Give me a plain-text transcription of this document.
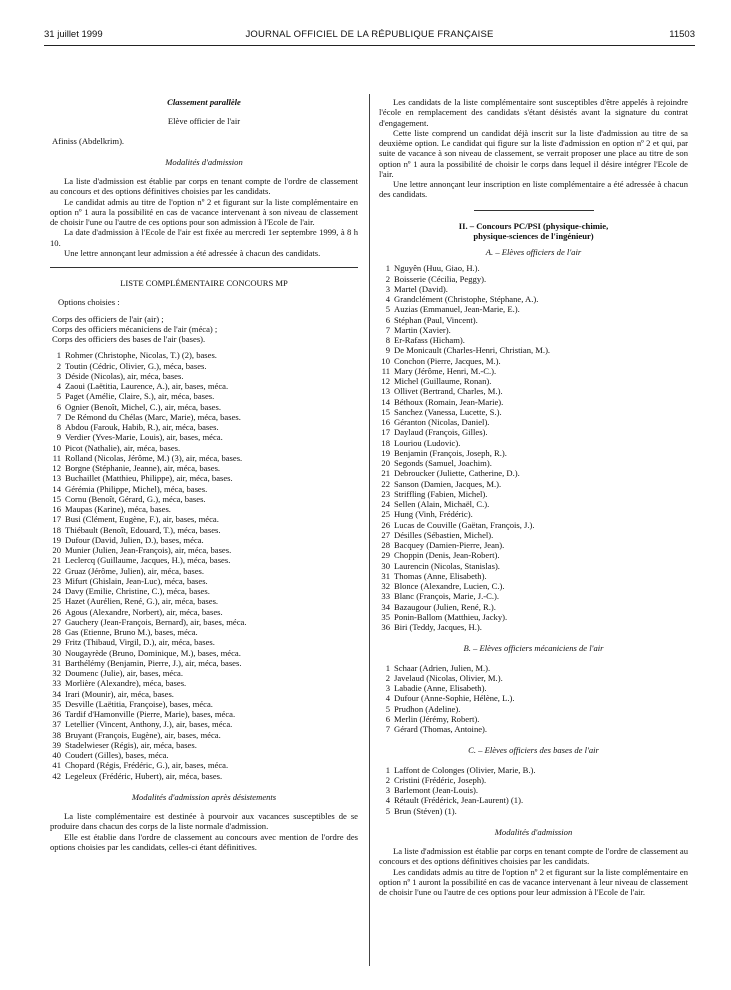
31 juillet 1999	JOURNAL OFFICIEL DE LA RÉPUBLIQUE FRANÇAISE	11503
Classement parallèle
Elève officier de l'air
Afiniss (Abdelkrim).
Modalités d'admission

La liste d'admission est établie par corps en tenant compte de l'ordre de classement au concours et des options définitives choisies par les candidats.

Le candidat admis au titre de l'option nº 2 et figurant sur la liste complémentaire en option nº 1 aura la possibilité en cas de vacance intervenant à son niveau de classement de choisir l'une ou l'autre de ces options pour son admission à l'Ecole de l'air.

La date d'admission à l'Ecole de l'air est fixée au mercredi 1er septembre 1999, à 8 h 10.

Une lettre annonçant leur admission a été adressée à chacun des candidats.

LISTE COMPLÉMENTAIRE CONCOURS MP
Options choisies :

Corps des officiers de l'air (air) ;

Corps des officiers mécaniciens de l'air (méca) ;

Corps des officiers des bases de l'air (bases).

1 Rohmer (Christophe, Nicolas, T.) (2), bases.
2 Toutin (Cédric, Olivier, G.), méca, bases.
3 Déside (Nicolas), air, méca, bases.
4 Zaoui (Laëtitia, Laurence, A.), air, bases, méca.
5 Paget (Amélie, Claire, S.), air, méca, bases.
6 Ognier (Benoît, Michel, C.), air, méca, bases.
7 De Rémond du Chélas (Marc, Marie), méca, bases.
8 Abdou (Farouk, Habib, R.), air, méca, bases.
9 Verdier (Yves-Marie, Louis), air, bases, méca.
10 Picot (Nathalie), air, méca, bases.
11 Rolland (Nicolas, Jérôme, M.) (3), air, méca, bases.
12 Borgne (Stéphanie, Jeanne), air, méca, bases.
13 Buchaillet (Matthieu, Philippe), air, méca, bases.
14 Gérémia (Philippe, Michel), méca, bases.
15 Cornu (Benoît, Gérard, G.), méca, bases.
16 Maupas (Karine), méca, bases.
17 Busi (Clément, Eugène, F.), air, bases, méca.
18 Thiébault (Benoît, Edouard, T.), méca, bases.
19 Dufour (David, Julien, D.), bases, méca.
20 Munier (Julien, Jean-François), air, méca, bases.
21 Leclercq (Guillaume, Jacques, H.), méca, bases.
22 Gruaz (Jérôme, Julien), air, méca, bases.
23 Mifurt (Ghislain, Jean-Luc), méca, bases.
24 Davy (Emilie, Christine, C.), méca, bases.
25 Hazet (Aurélien, René, G.), air, méca, bases.
26 Agous (Alexandre, Norbert), air, méca, bases.
27 Gauchery (Jean-François, Bernard), air, bases, méca.
28 Gas (Etienne, Bruno M.), bases, méca.
29 Fritz (Thibaud, Virgil, D.), air, méca, bases.
30 Nougayrède (Bruno, Dominique, M.), bases, méca.
31 Barthélémy (Benjamin, Pierre, J.), air, méca, bases.
32 Doumenc (Julie), air, bases, méca.
33 Morlière (Alexandre), méca, bases.
34 Irari (Mounir), air, méca, bases.
35 Desville (Laëtitia, Françoise), bases, méca.
36 Tardif d'Hamonville (Pierre, Marie), bases, méca.
37 Letellier (Vincent, Anthony, J.), air, bases, méca.
38 Bruyant (François, Eugène), air, bases, méca.
39 Stadelwieser (Régis), air, méca, bases.
40 Coudert (Gilles), bases, méca.
41 Chopard (Régis, Frédéric, G.), air, bases, méca.
42 Legeleux (Frédéric, Hubert), air, méca, bases.
Modalités d'admission après désistements

La liste complémentaire est destinée à pourvoir aux vacances susceptibles de se produire dans chacun des corps de la liste normale d'admission.

Elle est établie dans l'ordre de classement au concours avec mention de l'ordre des options choisies par les candidats, celles-ci étant définitives.

Les candidats de la liste complémentaire sont susceptibles d'être appelés à rejoindre l'école en remplacement des candidats s'étant désistés avant la signature du contrat d'engagement.

Cette liste comprend un candidat déjà inscrit sur la liste d'admission au titre de sa deuxième option. Le candidat qui figure sur la liste d'admission en option nº 2 et qui, par suite de vacance à son niveau de classement, se verrait proposer une place au titre de son option nº 1 aura la possibilité de choisir le corps dans lequel il désire intégrer l'Ecole de l'air.

Une lettre annonçant leur inscription en liste complémentaire a été adressée à chacun des candidats.

II. – Concours PC/PSI (physique-chimie,
physique-sciences de l'ingénieur)
A. – Elèves officiers de l'air
1 Nguyên (Huu, Giao, H.).
2 Boisserie (Cécilia, Peggy).
3 Martel (David).
4 Grandclément (Christophe, Stéphane, A.).
5 Auzias (Emmanuel, Jean-Marie, E.).
6 Stéphan (Paul, Vincent).
7 Martin (Xavier).
8 Er-Rafass (Hicham).
9 De Monicault (Charles-Henri, Christian, M.).
10 Conchon (Pierre, Jacques, M.).
11 Mary (Jérôme, Henri, M.-C.).
12 Michel (Guillaume, Ronan).
13 Ollivet (Bertrand, Charles, M.).
14 Béthoux (Romain, Jean-Marie).
15 Sanchez (Vanessa, Lucette, S.).
16 Géranton (Nicolas, Daniel).
17 Daylaud (François, Gilles).
18 Louriou (Ludovic).
19 Benjamin (François, Joseph, R.).
20 Segonds (Samuel, Joachim).
21 Debroucker (Juliette, Catherine, D.).
22 Sanson (Damien, Jacques, M.).
23 Striffling (Fabien, Michel).
24 Sellen (Alain, Michaël, C.).
25 Hung (Vinh, Frédéric).
26 Lucas de Couville (Gaëtan, François, J.).
27 Désilles (Sébastien, Michel).
28 Bacquey (Damien-Pierre, Jean).
29 Choppin (Denis, Jean-Robert).
30 Laurencin (Nicolas, Stanislas).
31 Thomas (Anne, Elisabeth).
32 Blonce (Alexandre, Lucien, C.).
33 Blanc (François, Marie, J.-C.).
34 Bazaugour (Julien, René, R.).
35 Ponin-Ballom (Matthieu, Jacky).
36 Biri (Teddy, Jacques, H.).
B. – Elèves officiers mécaniciens de l'air
1 Schaar (Adrien, Julien, M.).
2 Javelaud (Nicolas, Olivier, M.).
3 Labadie (Anne, Elisabeth).
4 Dufour (Anne-Sophie, Hélène, L.).
5 Prudhon (Adeline).
6 Merlin (Jérémy, Robert).
7 Gérard (Thomas, Antoine).
C. – Elèves officiers des bases de l'air
1 Laffont de Colonges (Olivier, Marie, B.).
2 Cristini (Frédéric, Joseph).
3 Barlemont (Jean-Louis).
4 Rétault (Frédérick, Jean-Laurent) (1).
5 Brun (Stéven) (1).
Modalités d'admission

La liste d'admission est établie par corps en tenant compte de l'ordre de classement au concours et des options définitives choisies par les candidats.

Les candidats admis au titre de l'option nº 2 et figurant sur la liste complémentaire en option nº 1 auront la possibilité en cas de vacance intervenant à leur niveau de classement de choisir l'une ou l'autre de ces options pour leur admission à l'Ecole de l'air.
